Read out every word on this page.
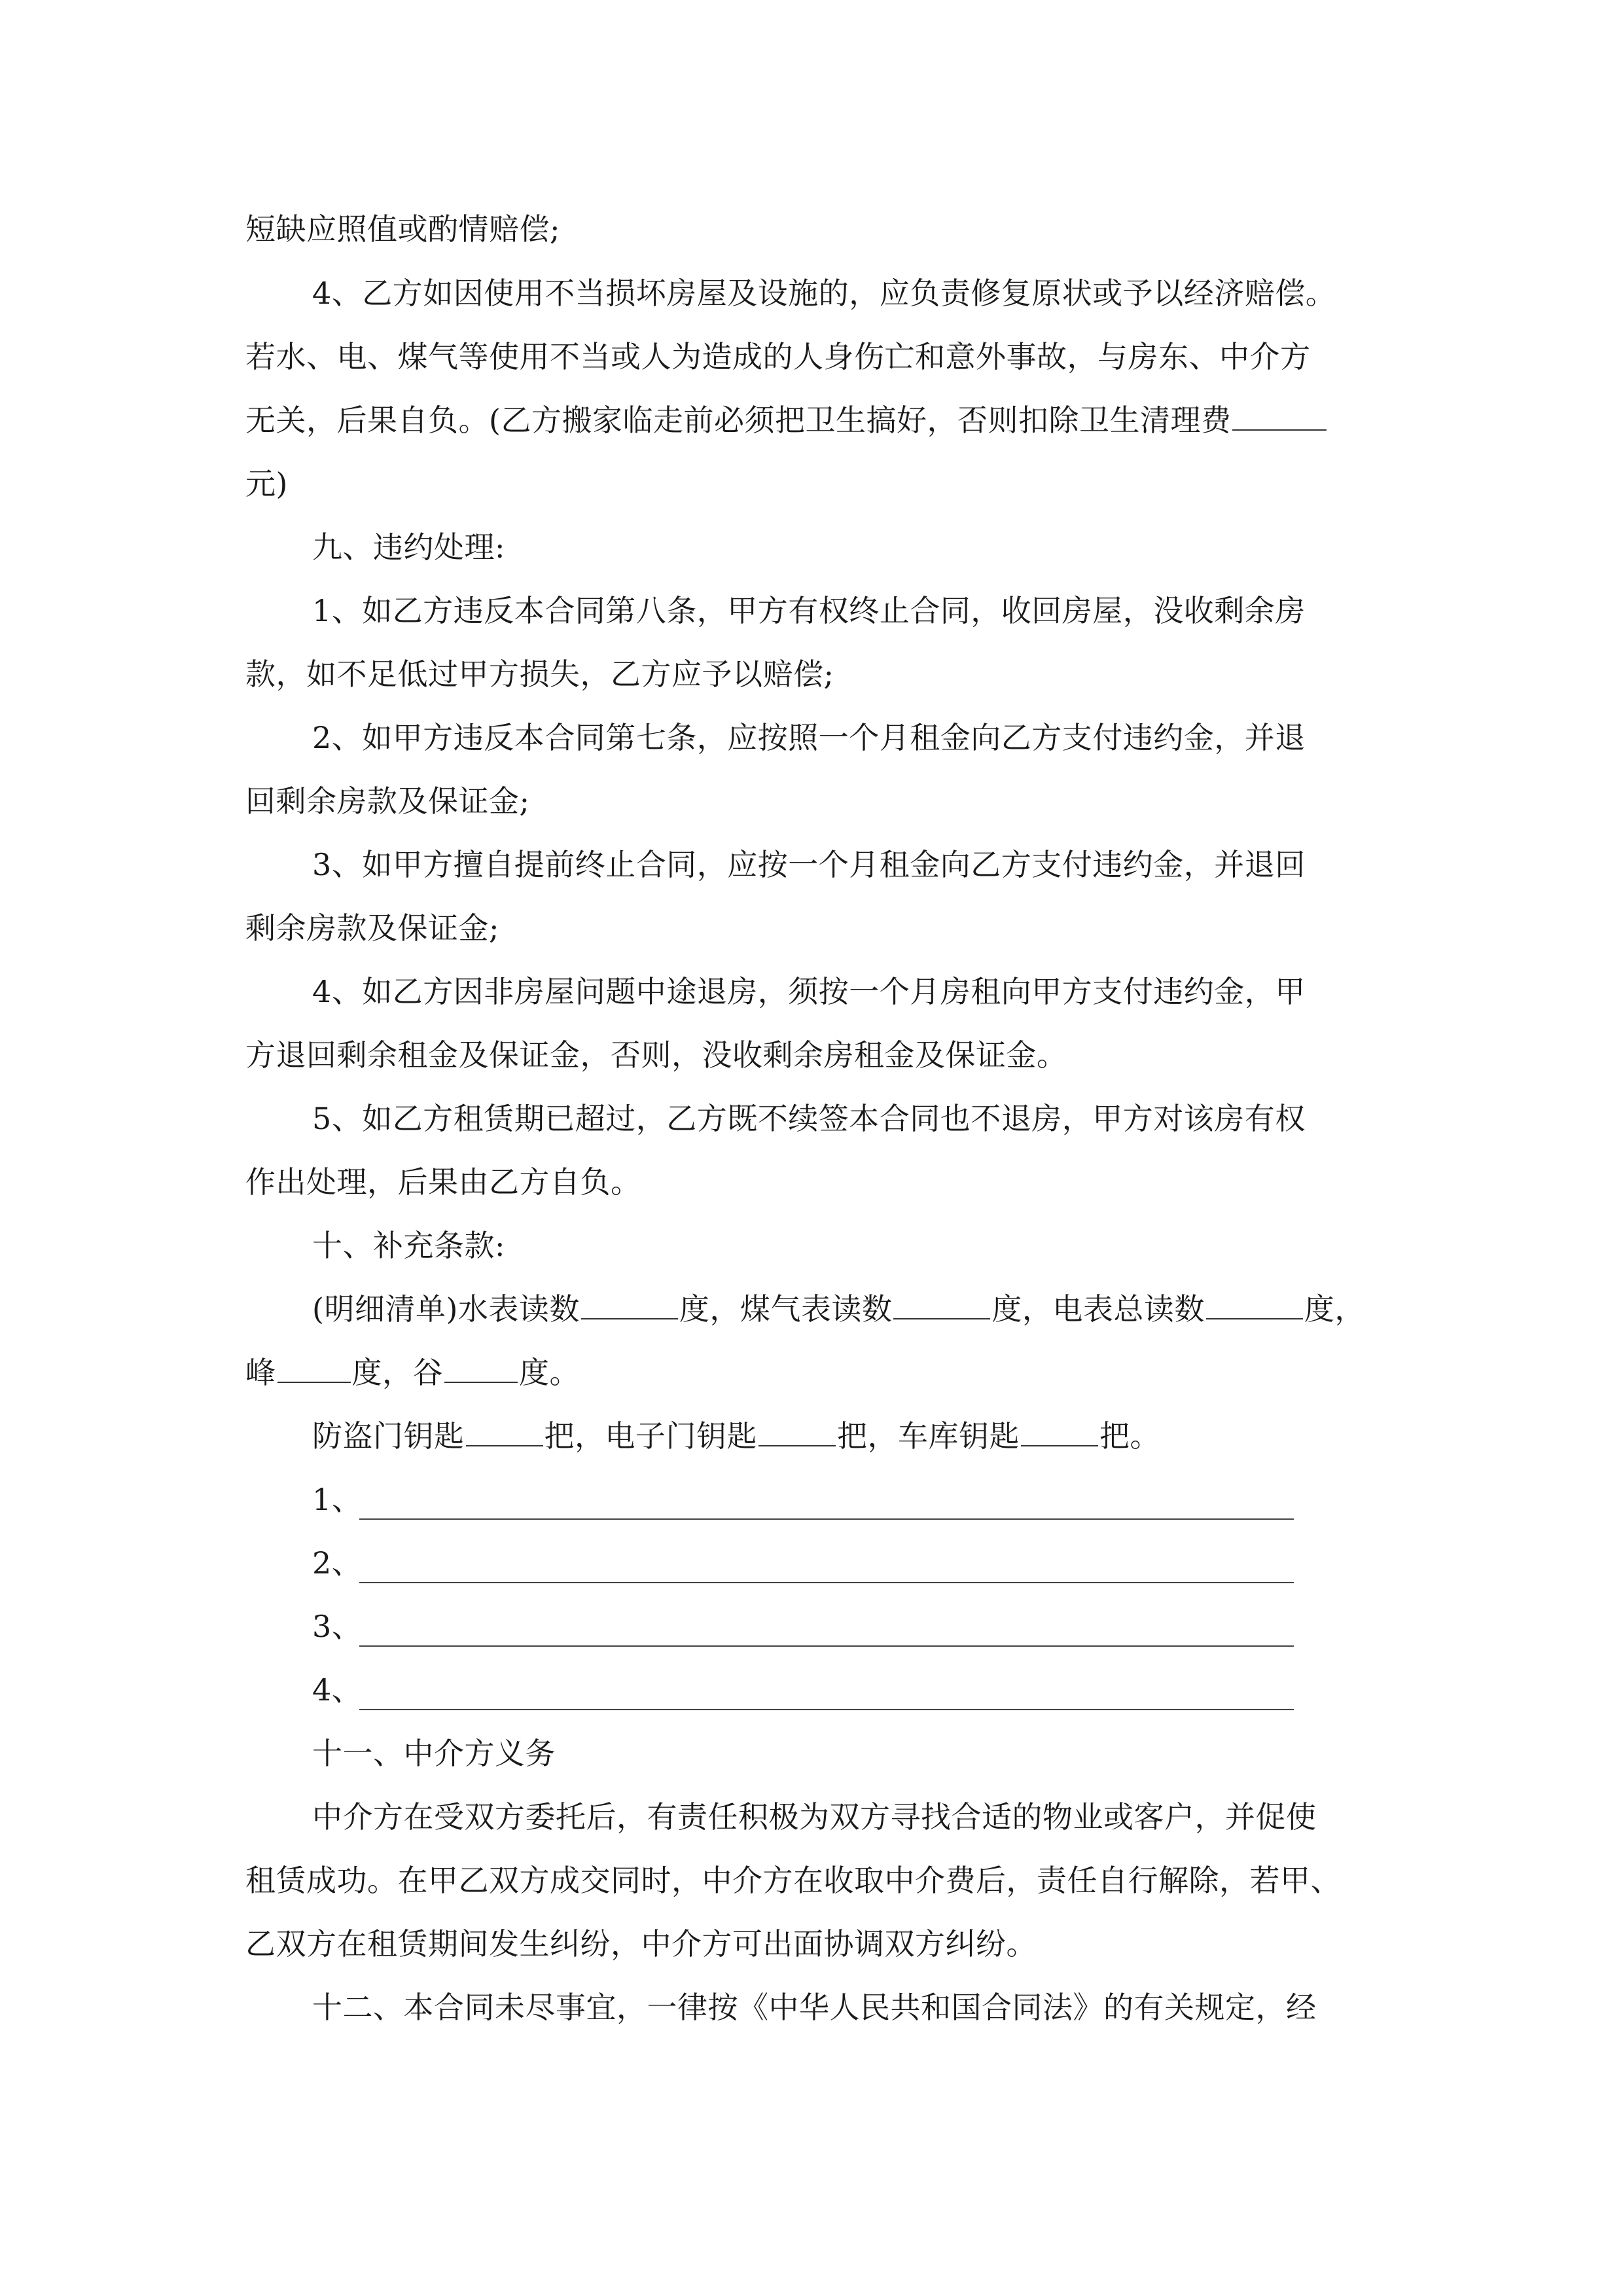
短缺应照值或酌情赔偿;
4、乙方如因使用不当损坏房屋及设施的，应负责修复原状或予以经济赔偿。
若水、电、煤气等使用不当或人为造成的人身伤亡和意外事故，与房东、中介方
无关，后果自负。(乙方搬家临走前必须把卫生搞好，否则扣除卫生清理费
元)
九、违约处理:
1、如乙方违反本合同第八条，甲方有权终止合同，收回房屋，没收剩余房
款，如不足低过甲方损失，乙方应予以赔偿;
2、如甲方违反本合同第七条，应按照一个月租金向乙方支付违约金，并退
回剩余房款及保证金;
3、如甲方擅自提前终止合同，应按一个月租金向乙方支付违约金，并退回
剩余房款及保证金;
4、如乙方因非房屋问题中途退房，须按一个月房租向甲方支付违约金，甲
方退回剩余租金及保证金，否则，没收剩余房租金及保证金。
5、如乙方租赁期已超过，乙方既不续签本合同也不退房，甲方对该房有权
作出处理，后果由乙方自负。
十、补充条款:
(明细清单)水表读数	度，煤气表读数	度，电表总读数	度，
峰	度，谷	度。
防盗门钥匙	把，电子门钥匙	把，车库钥匙	把。
1、
2、
3、
4、
十一、中介方义务
中介方在受双方委托后，有责任积极为双方寻找合适的物业或客户，并促使
租赁成功。在甲乙双方成交同时，中介方在收取中介费后，责任自行解除，若甲、
乙双方在租赁期间发生纠纷，中介方可出面协调双方纠纷。
十二、本合同未尽事宜，一律按《中华人民共和国合同法》的有关规定，经
